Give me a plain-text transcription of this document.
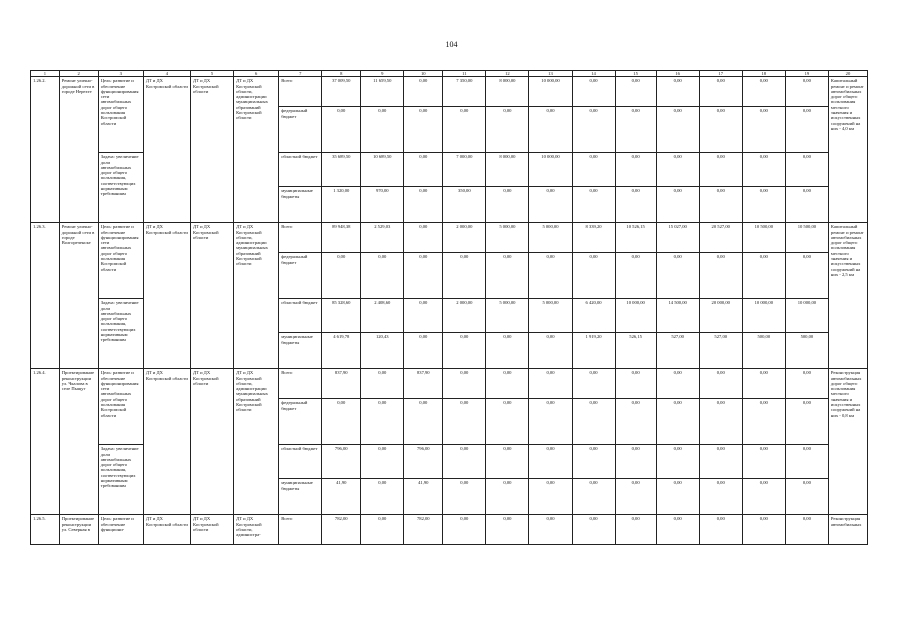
104
1	2	3	4	5	6	7	8	9	10	11	12	13	14	15	16	17	18	19	20
1.26.2.	Ремонт улично-дорожной сети в городе Нерехте	Цель: развитие и обеспечение функционирования сети автомобильных дорог общего пользования Костромской области	ДТ и ДХ Костромской области	ДТ и ДХ Костромской области	ДТ и ДХ Костромской области, администрации муниципальных образований Костромской области	Всего	37 009,50	11 659,50	0,00	7 350,00	8 000,00	10 000,00	0,00	0,00	0,00	0,00	0,00	0,00	Капитальный ремонт и ремонт автомобильных дорог общего пользования местного значения и искусственных сооружений на них - 4,0 км
						федеральный бюджет	0,00	0,00	0,00	0,00	0,00	0,00	0,00	0,00	0,00	0,00	0,00	0,00	
		Задача: увеличение доли автомобильных дорог общего пользования, соответствующих нормативным требованиям				областной бюджет	35 689,50	10 689,50	0,00	7 000,00	8 000,00	10 000,00	0,00	0,00	0,00	0,00	0,00	0,00	
						муниципальные бюджеты	1 320,00	970,00	0,00	350,00	0,00	0,00	0,00	0,00	0,00	0,00	0,00	0,00	
1.26.3.	Ремонт улично-дорожной сети в городе Волгореченске	Цель: развитие и обеспечение функционирования сети автомобильных дорог общего пользования Костромской области	ДТ и ДХ Костромской области	ДТ и ДХ Костромской области	ДТ и ДХ Костромской области, администрации муниципальных образований Костромской области	Всего	89 948,38	2 529,03	0,00	2 000,00	5 000,00	5 000,00	8 339,20	10 526,15	15 027,00	20 527,00	10 500,00	10 500,00	Капитальный ремонт и ремонт автомобильных дорог общего пользования местного значения и искусственных сооружений на них - 2,5 км
						федеральный бюджет	0,00	0,00	0,00	0,00	0,00	0,00	0,00	0,00	0,00	0,00	0,00	0,00	
		Задача: увеличение доли автомобильных дорог общего пользования, соответствующих нормативным требованиям				областной бюджет	85 328,60	2 408,60	0,00	2 000,00	5 000,00	5 000,00	6 420,00	10 000,00	14 500,00	20 000,00	10 000,00	10 000,00	
						муниципальные бюджеты	4 619,78	120,43	0,00	0,00	0,00	0,00	1 919,20	526,15	527,00	527,00	500,00	500,00	
1.26.4.	Проектирование реконструкции ул. Чкалова в селе Пыщуг	Цель: развитие и обеспечение функционирования сети автомобильных дорог общего пользования Костромской области	ДТ и ДХ Костромской области	ДТ и ДХ Костромской области	ДТ и ДХ Костромской области, администрации муниципальных образований Костромской области	Всего	837,90	0,00	837,90	0,00	0,00	0,00	0,00	0,00	0,00	0,00	0,00	0,00	Реконструкция автомобильных дорог общего пользования местного значения и искусственных сооружений на них - 0,8 км
						федеральный бюджет	0,00	0,00	0,00	0,00	0,00	0,00	0,00	0,00	0,00	0,00	0,00	0,00	
		Задача: увеличение доли автомобильных дорог общего пользования, соответствующих нормативным требованиям				областной бюджет	796,00	0,00	796,00	0,00	0,00	0,00	0,00	0,00	0,00	0,00	0,00	0,00	
						муниципальные бюджеты	41,90	0,00	41,90	0,00	0,00	0,00	0,00	0,00	0,00	0,00	0,00	0,00	
1.26.5.	Проектирование реконструкции ул. Северная в	Цель: развитие и обеспечение функциони-	ДТ и ДХ Костромской области	ДТ и ДХ Костромской области	ДТ и ДХ Костромской области, администра-	Всего	782,00	0,00	782,00	0,00	0,00	0,00	0,00	0,00	0,00	0,00	0,00	0,00	Реконструкция автомобильных
